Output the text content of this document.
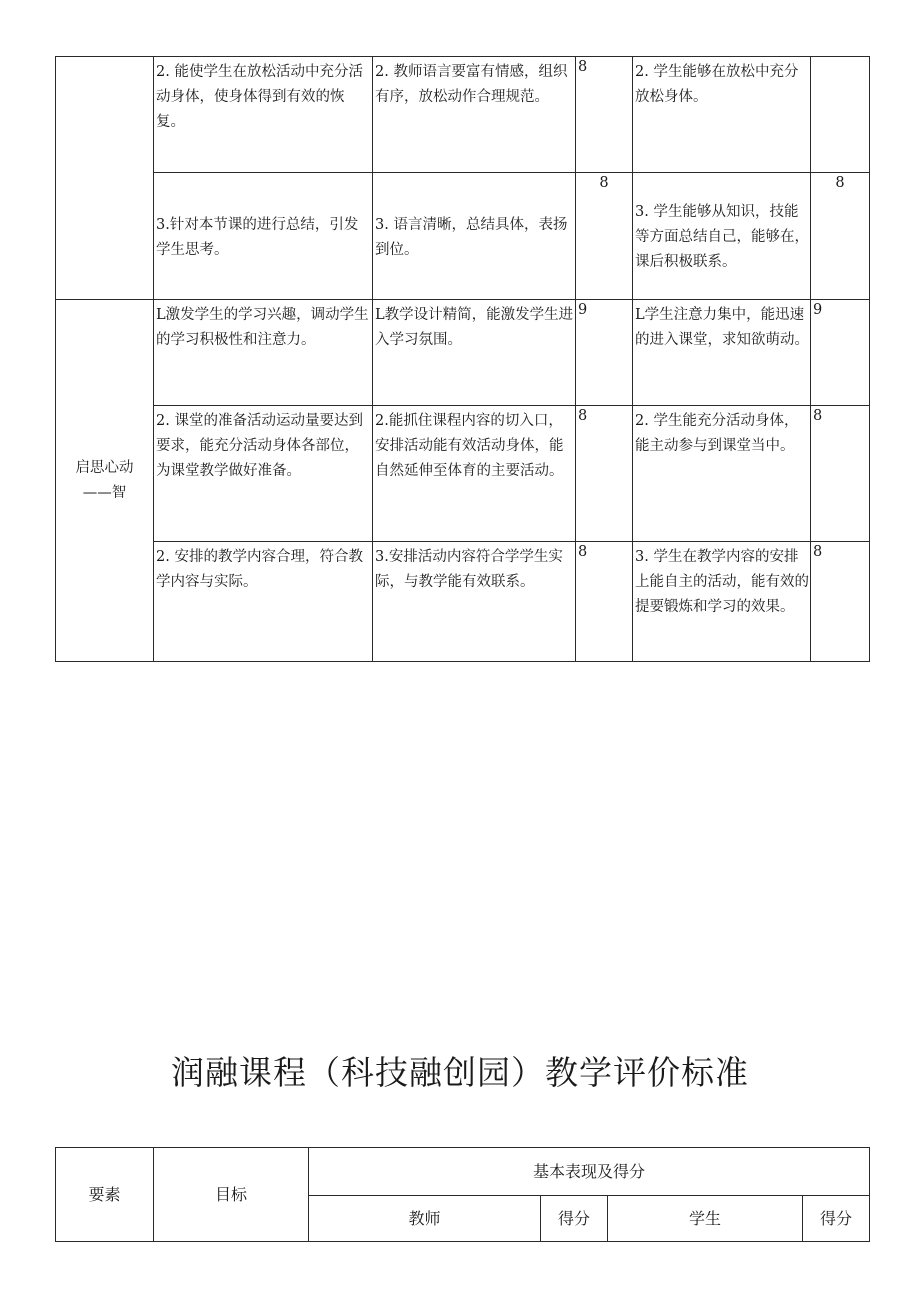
	2. 能使学生在放松活动中充分活动身体，使身体得到有效的恢复。	2. 教师语言要富有情感，组织有序，放松动作合理规范。	8	2. 学生能够在放松中充分放松身体。	

	3.针对本节课的进行总结，引发学生思考。	3. 语言清晰，总结具体，表扬到位。	8	3. 学生能够从知识，技能等方面总结自己，能够在，课后积极联系。	8

启思心动——智	L激发学生的学习兴趣，调动学生的学习积极性和注意力。	L教学设计精简，能激发学生进入学习氛围。	9	L学生注意力集中，能迅速的进入课堂，求知欲萌动。	9

	2. 课堂的准备活动运动量要达到要求，能充分活动身体各部位，为课堂教学做好准备。	2.能抓住课程内容的切入口，安排活动能有效活动身体，能自然延伸至体育的主要活动。	8	2. 学生能充分活动身体，能主动参与到课堂当中。	8

	2. 安排的教学内容合理，符合教学内容与实际。	3.安排活动内容符合学学生实际，与教学能有效联系。	8	3. 学生在教学内容的安排上能自主的活动，能有效的提要锻炼和学习的效果。	8
润融课程（科技融创园）教学评价标准
要素	目标	基本表现及得分			
		教师	得分	学生	得分
